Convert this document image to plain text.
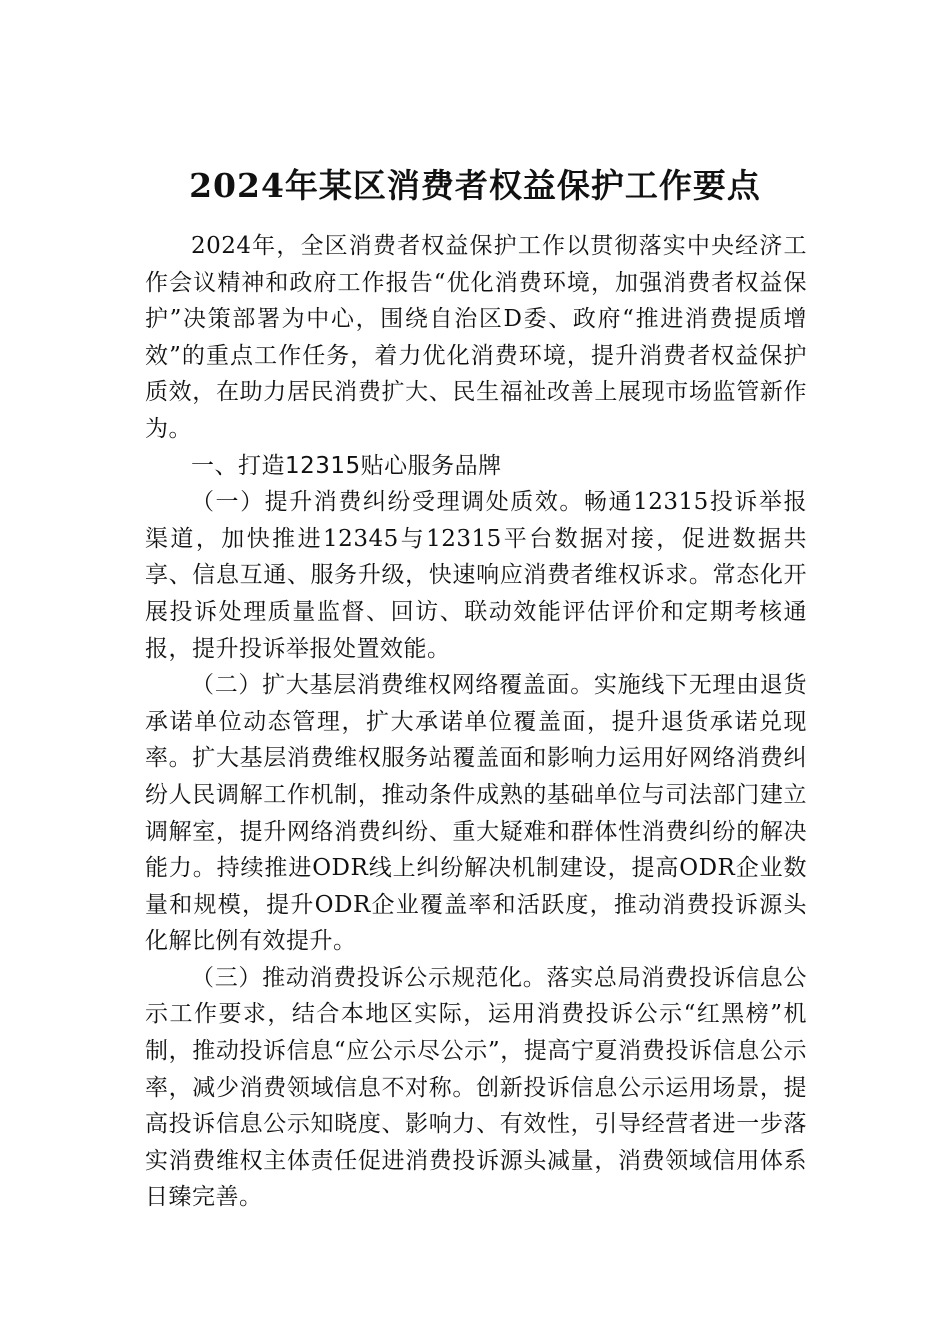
2024年某区消费者权益保护工作要点

2024年，全区消费者权益保护工作以贯彻落实中央经济工作会议精神和政府工作报告“优化消费环境，加强消费者权益保护”决策部署为中心，围绕自治区D委、政府“推进消费提质增效”的重点工作任务，着力优化消费环境，提升消费者权益保护质效，在助力居民消费扩大、民生福祉改善上展现市场监管新作为。

一、打造12315贴心服务品牌

（一）提升消费纠纷受理调处质效。畅通12315投诉举报渠道，加快推进12345与12315平台数据对接，促进数据共享、信息互通、服务升级，快速响应消费者维权诉求。常态化开展投诉处理质量监督、回访、联动效能评估评价和定期考核通报，提升投诉举报处置效能。

（二）扩大基层消费维权网络覆盖面。实施线下无理由退货承诺单位动态管理，扩大承诺单位覆盖面，提升退货承诺兑现率。扩大基层消费维权服务站覆盖面和影响力运用好网络消费纠纷人民调解工作机制，推动条件成熟的基础单位与司法部门建立调解室，提升网络消费纠纷、重大疑难和群体性消费纠纷的解决能力。持续推进ODR线上纠纷解决机制建设，提高ODR企业数量和规模，提升ODR企业覆盖率和活跃度，推动消费投诉源头化解比例有效提升。

（三）推动消费投诉公示规范化。落实总局消费投诉信息公示工作要求，结合本地区实际，运用消费投诉公示“红黑榜”机制，推动投诉信息“应公示尽公示”，提高宁夏消费投诉信息公示率，减少消费领域信息不对称。创新投诉信息公示运用场景，提高投诉信息公示知晓度、影响力、有效性，引导经营者进一步落实消费维权主体责任促进消费投诉源头减量，消费领域信用体系日臻完善。
